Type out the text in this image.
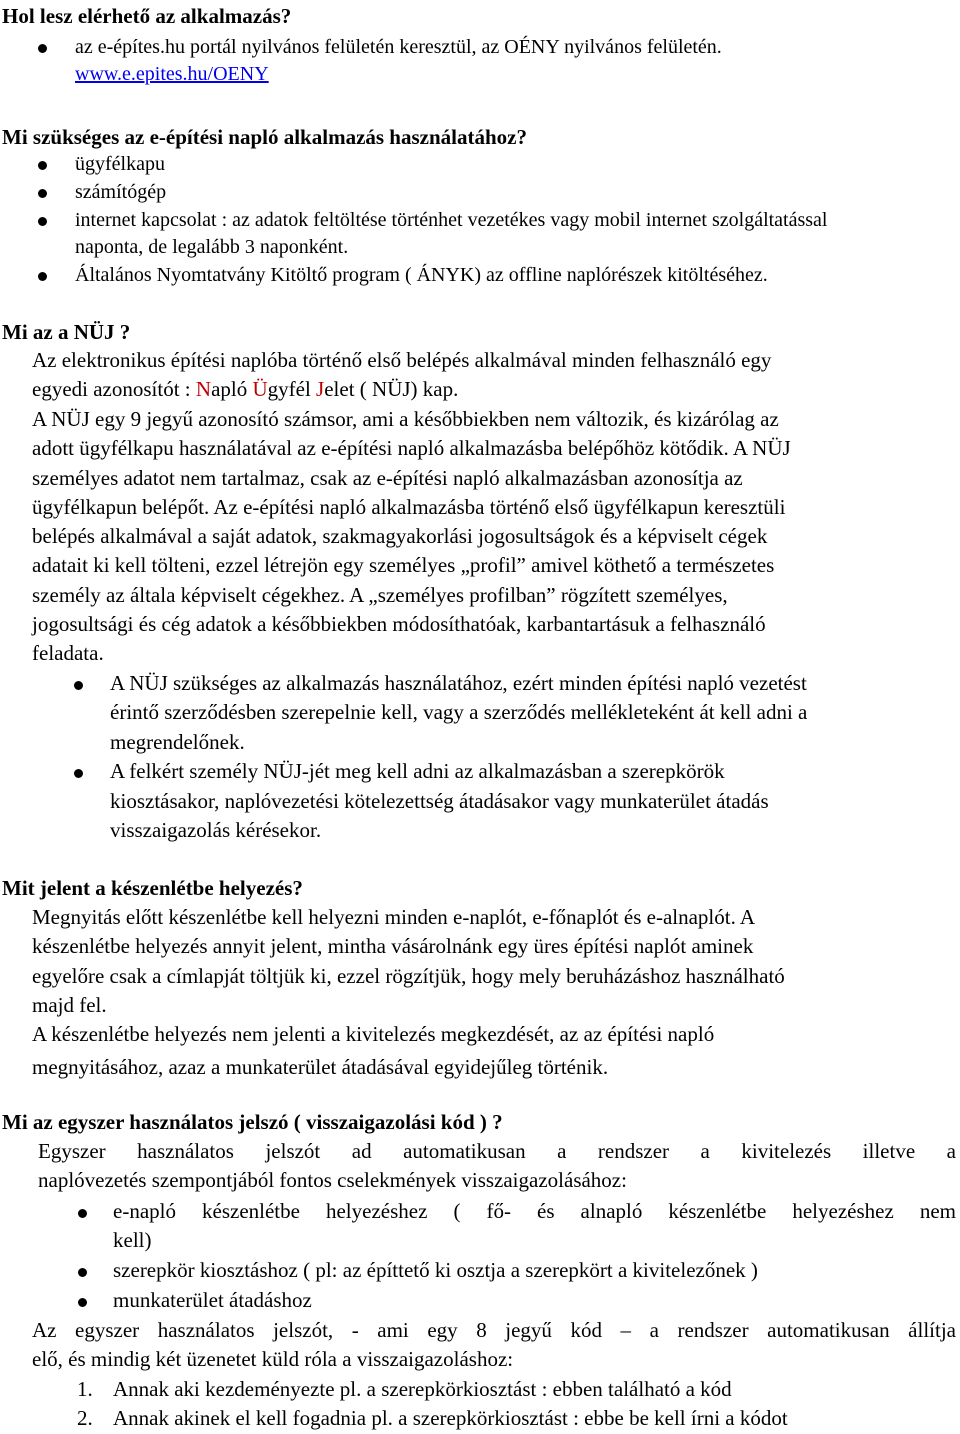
Hol lesz elérhető az alkalmazás?
az e-építes.hu portál nyilvános felületén keresztül, az OÉNY nyilvános felületén.
www.e.epites.hu/OENY
Mi szükséges az e-építési napló alkalmazás használatához?
ügyfélkapu
számítógép
internet kapcsolat : az adatok feltöltése történhet vezetékes vagy mobil internet szolgáltatással
naponta, de legalább 3 naponként.
Általános Nyomtatvány Kitöltő program ( ÁNYK) az offline naplórészek kitöltéséhez.
Mi az a NÜJ ?
Az elektronikus építési naplóba történő első belépés alkalmával minden felhasználó egy
egyedi azonosítót : Napló Ügyfél Jelet ( NÜJ) kap.
A NÜJ egy 9 jegyű azonosító számsor, ami a későbbiekben nem változik, és kizárólag az
adott ügyfélkapu használatával az e-építési napló alkalmazásba belépőhöz kötődik. A NÜJ
személyes adatot nem tartalmaz, csak az e-építési napló alkalmazásban azonosítja az
ügyfélkapun belépőt. Az e-építési napló alkalmazásba történő első ügyfélkapun keresztüli
belépés alkalmával a saját adatok, szakmagyakorlási jogosultságok és a képviselt cégek
adatait ki kell tölteni, ezzel létrejön egy személyes „profil” amivel köthető a természetes
személy az általa képviselt cégekhez. A „személyes profilban” rögzített személyes,
jogosultsági és cég adatok a későbbiekben módosíthatóak, karbantartásuk a felhasználó
feladata.
A NÜJ szükséges az alkalmazás használatához, ezért minden építési napló vezetést
érintő szerződésben szerepelnie kell, vagy a szerződés mellékleteként át kell adni a
megrendelőnek.
A felkért személy NÜJ-jét meg kell adni az alkalmazásban a szerepkörök
kiosztásakor, naplóvezetési kötelezettség átadásakor vagy munkaterület átadás
visszaigazolás kérésekor.
Mit jelent a készenlétbe helyezés?
Megnyitás előtt készenlétbe kell helyezni minden e-naplót, e-főnaplót és e-alnaplót. A
készenlétbe helyezés annyit jelent, mintha vásárolnánk egy üres építési naplót aminek
egyelőre csak a címlapját töltjük ki, ezzel rögzítjük, hogy mely beruházáshoz használható
majd fel.
A készenlétbe helyezés nem jelenti a kivitelezés megkezdését, az az építési napló
megnyitásához, azaz a munkaterület átadásával egyidejűleg történik.
Mi az egyszer használatos jelszó ( visszaigazolási kód ) ?
Egyszer használatos jelszót ad automatikusan a rendszer a kivitelezés illetve a
naplóvezetés szempontjából fontos cselekmények visszaigazolásához:
e-napló készenlétbe helyezéshez ( fő- és alnapló készenlétbe helyezéshez nem
kell)
szerepkör kiosztáshoz ( pl: az építtető ki osztja a szerepkört a kivitelezőnek )
munkaterület átadáshoz
Az egyszer használatos jelszót, - ami egy 8 jegyű kód – a rendszer automatikusan állítja
elő, és mindig két üzenetet küld róla a visszaigazoláshoz:
1. Annak aki kezdeményezte pl. a szerepkörkiosztást : ebben található a kód
2. Annak akinek el kell fogadnia pl. a szerepkörkiosztást : ebbe be kell írni a kódot
